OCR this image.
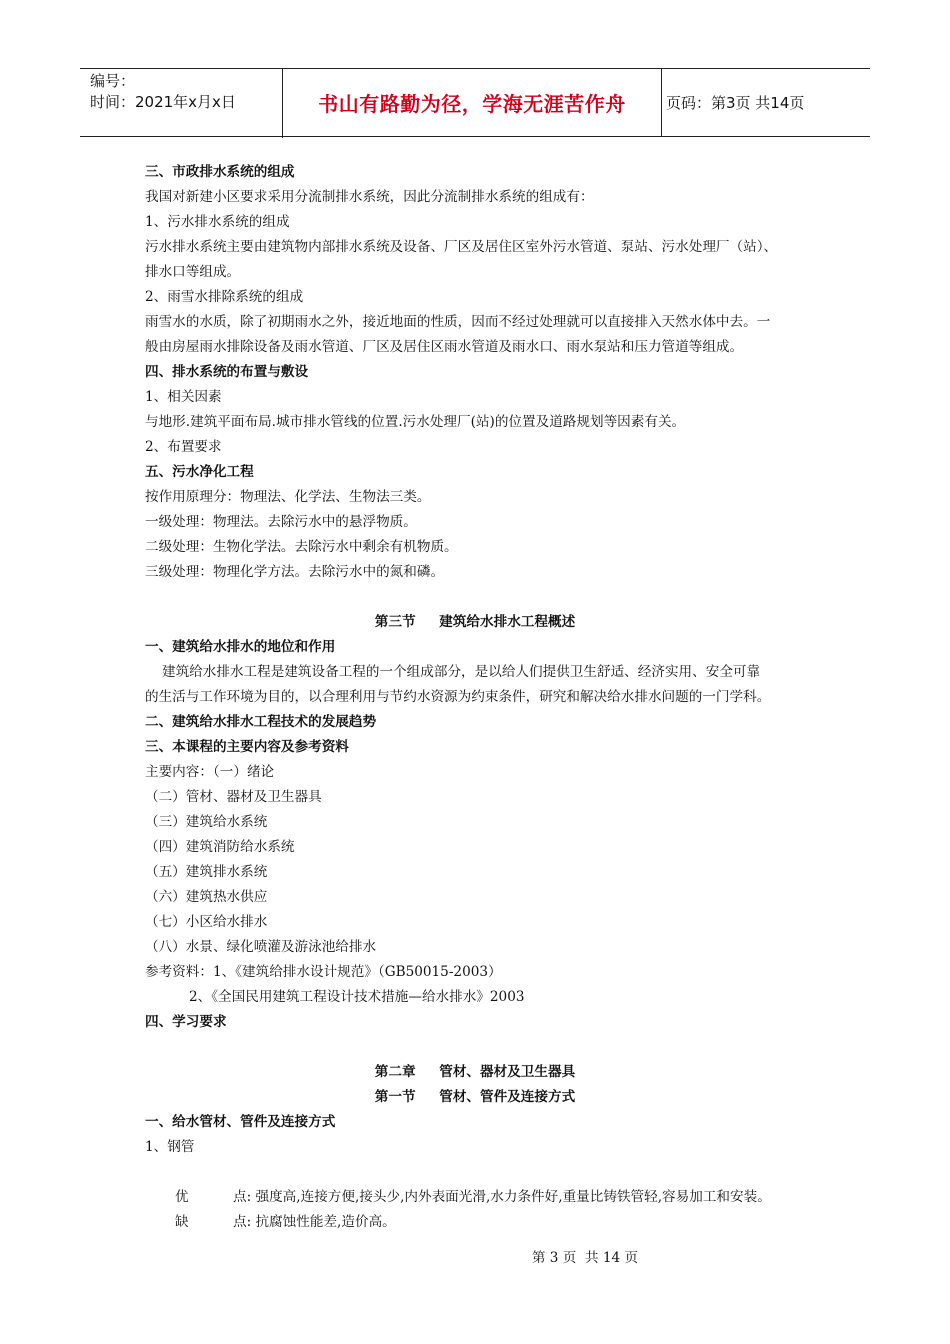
编号：
时间：2021年x月x日	书山有路勤为径，学海无涯苦作舟	页码：第3页 共14页
三、市政排水系统的组成
我国对新建小区要求采用分流制排水系统，因此分流制排水系统的组成有：
1、污水排水系统的组成
污水排水系统主要由建筑物内部排水系统及设备、厂区及居住区室外污水管道、泵站、污水处理厂（站）、
排水口等组成。
2、雨雪水排除系统的组成
雨雪水的水质，除了初期雨水之外，接近地面的性质，因而不经过处理就可以直接排入天然水体中去。一
般由房屋雨水排除设备及雨水管道、厂区及居住区雨水管道及雨水口、雨水泵站和压力管道等组成。
四、排水系统的布置与敷设
1、相关因素
与地形.建筑平面布局.城市排水管线的位置.污水处理厂(站)的位置及道路规划等因素有关。
2、布置要求
五、污水净化工程
按作用原理分：物理法、化学法、生物法三类。
一级处理：物理法。去除污水中的悬浮物质。
二级处理：生物化学法。去除污水中剩余有机物质。
三级处理：物理化学方法。去除污水中的氮和磷。
第三节     建筑给水排水工程概述
一、建筑给水排水的地位和作用
建筑给水排水工程是建筑设备工程的一个组成部分，是以给人们提供卫生舒适、经济实用、安全可靠
的生活与工作环境为目的，以合理利用与节约水资源为约束条件，研究和解决给水排水问题的一门学科。
二、建筑给水排水工程技术的发展趋势
三、本课程的主要内容及参考资料
主要内容：（一）绪论
（二）管材、器材及卫生器具
（三）建筑给水系统
（四）建筑消防给水系统
（五）建筑排水系统
（六）建筑热水供应
（七）小区给水排水
（八）水景、绿化喷灌及游泳池给排水
参考资料：1、《建筑给排水设计规范》（GB50015-2003）
2、《全国民用建筑工程设计技术措施—给水排水》2003
四、学习要求
第二章     管材、器材及卫生器具
第一节     管材、管件及连接方式
一、给水管材、管件及连接方式
1、钢管
优	点: 强度高,连接方便,接头少,内外表面光滑,水力条件好,重量比铸铁管轻,容易加工和安装。
缺	点: 抗腐蚀性能差,造价高。
第 3 页  共 14 页
